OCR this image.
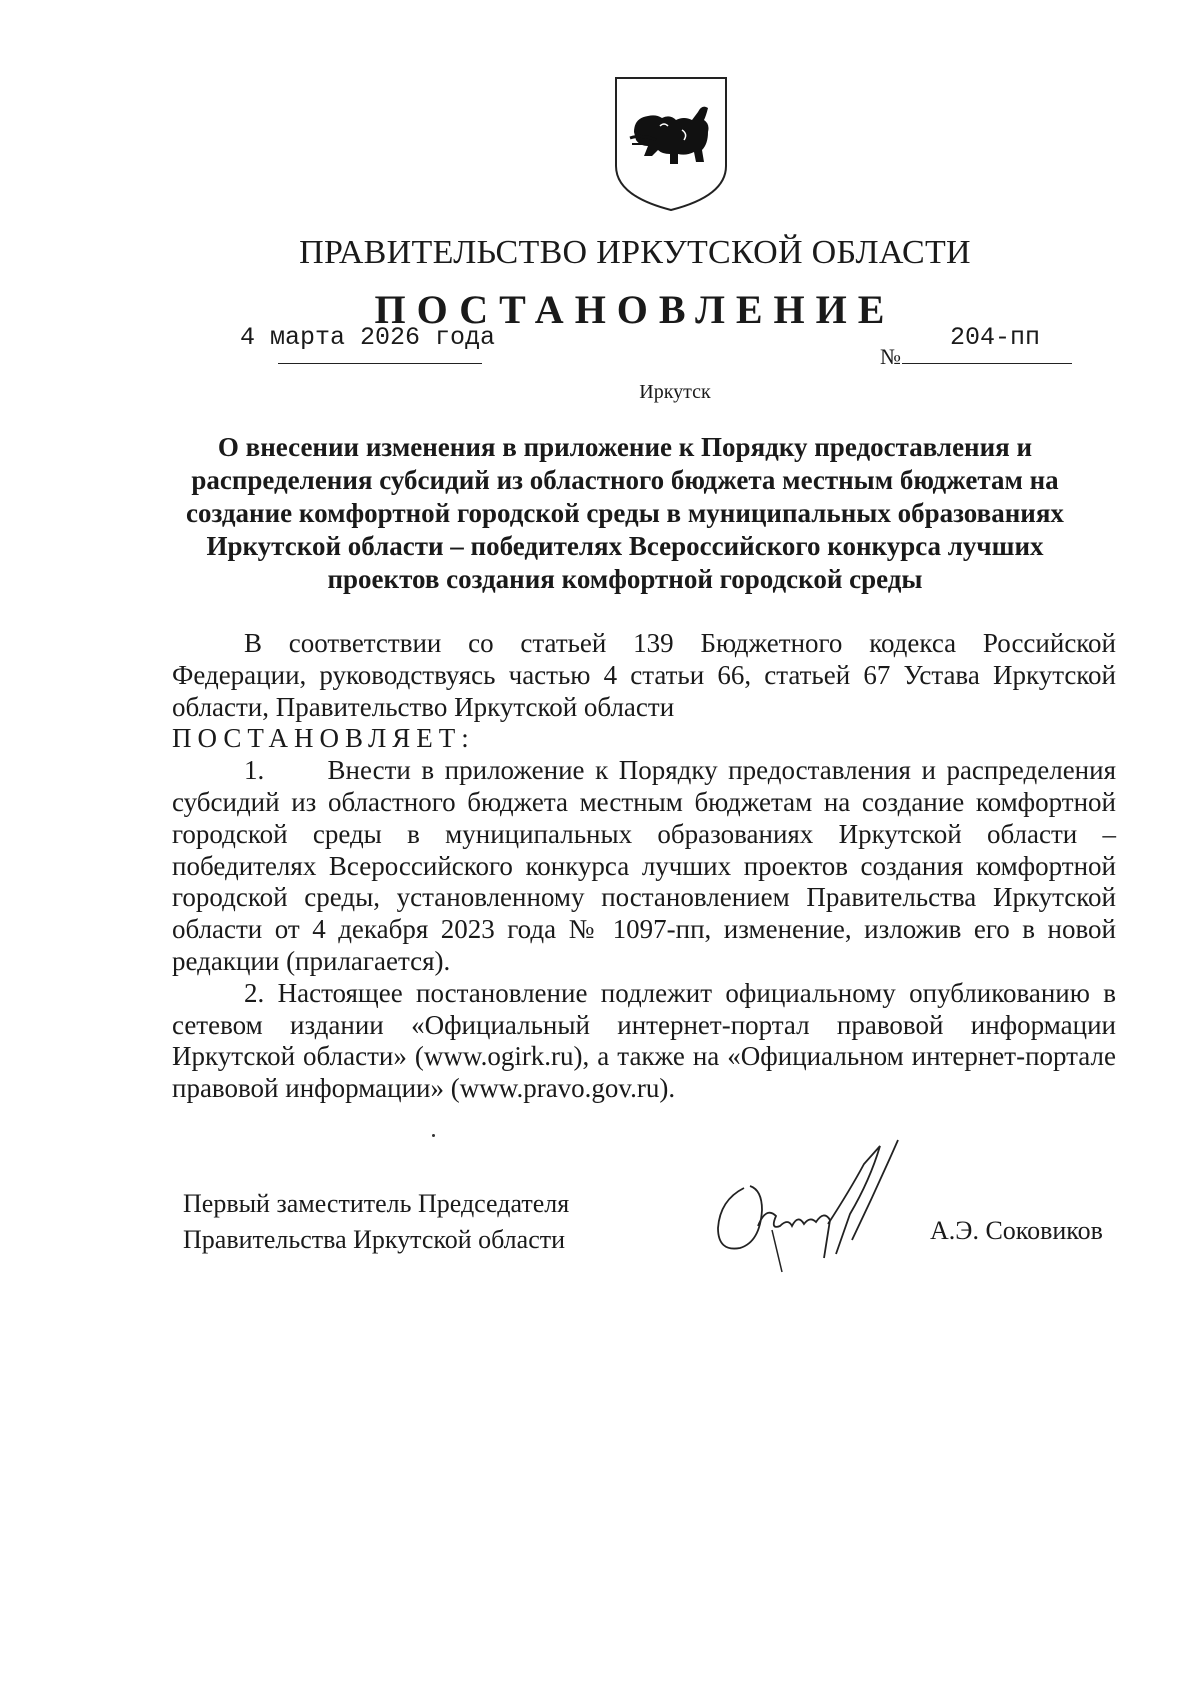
ПРАВИТЕЛЬСТВО ИРКУТСКОЙ ОБЛАСТИ
ПОСТАНОВЛЕНИЕ
4 марта 2026 года
№
204-пп
Иркутск
О внесении изменения в приложение к Порядку предоставления и распределения субсидий из областного бюджета местным бюджетам на создание комфортной городской среды в муниципальных образованиях Иркутской области – победителях Всероссийского конкурса лучших проектов создания комфортной городской среды

В соответствии со статьей 139 Бюджетного кодекса Российской Федерации, руководствуясь частью 4 статьи 66, статьей 67 Устава Иркутской области, Правительство Иркутской области

ПОСТАНОВЛЯЕТ:

1.      Внести в приложение к Порядку предоставления и распределения субсидий из областного бюджета местным бюджетам на создание комфортной городской среды в муниципальных образованиях Иркутской области – победителях Всероссийского конкурса лучших проектов создания комфортной городской среды, установленному постановлением Правительства Иркутской области от 4 декабря 2023 года № 1097-пп, изменение, изложив его в новой редакции (прилагается).

2. Настоящее постановление подлежит официальному опубликованию в сетевом издании «Официальный интернет-портал правовой информации Иркутской области» (www.ogirk.ru), а также на «Официальном интернет-портале правовой информации» (www.pravo.gov.ru).

Первый заместитель Председателя
Правительства Иркутской области	А.Э. Соковиков
